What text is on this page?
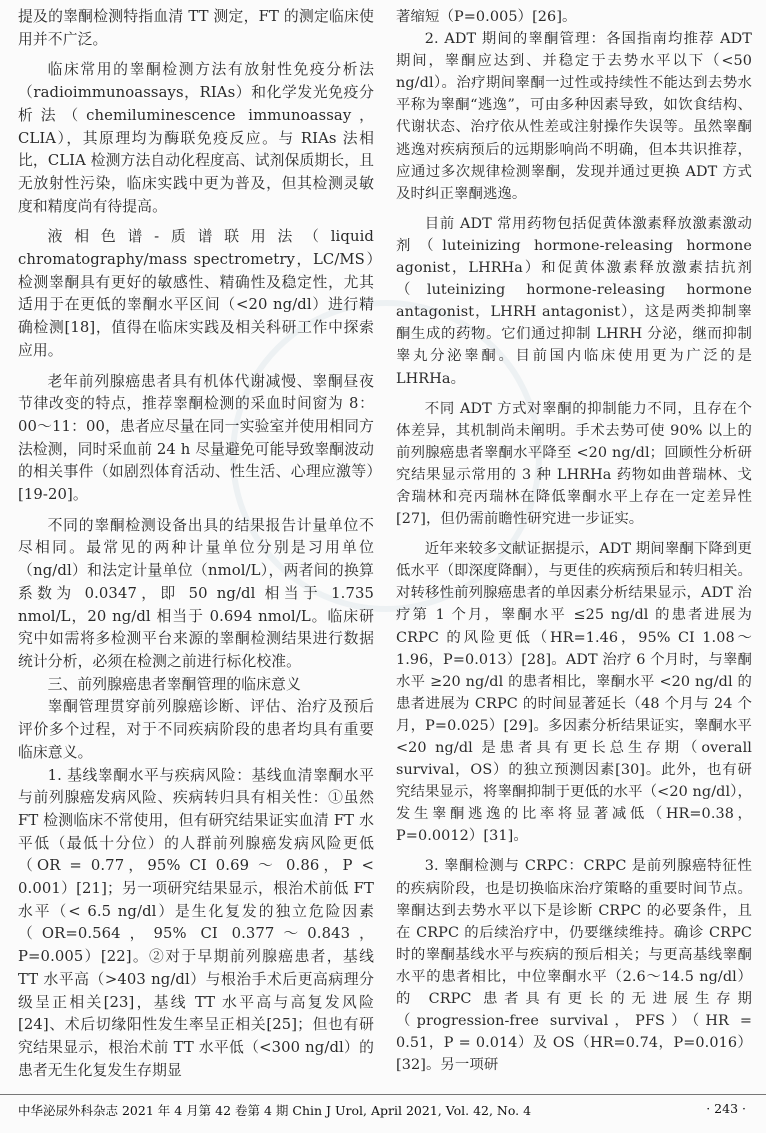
提及的睾酮检测特指血清 TT 测定，FT 的测定临床使用并不广泛。

临床常用的睾酮检测方法有放射性免疫分析法（radioimmunoassays，RIAs）和化学发光免疫分析法（chemiluminescence immunoassay，CLIA），其原理均为酶联免疫反应。与 RIAs 法相比，CLIA 检测方法自动化程度高、试剂保质期长，且无放射性污染，临床实践中更为普及，但其检测灵敏度和精度尚有待提高。

液相色谱-质谱联用法（liquid chromatography/mass spectrometry，LC/MS）检测睾酮具有更好的敏感性、精确性及稳定性，尤其适用于在更低的睾酮水平区间（<20 ng/dl）进行精确检测[18]，值得在临床实践及相关科研工作中探索应用。

老年前列腺癌患者具有机体代谢减慢、睾酮昼夜节律改变的特点，推荐睾酮检测的采血时间窗为 8：00～11：00，患者应尽量在同一实验室并使用相同方法检测，同时采血前 24 h 尽量避免可能导致睾酮波动的相关事件（如剧烈体育活动、性生活、心理应激等）[19-20]。

不同的睾酮检测设备出具的结果报告计量单位不尽相同。最常见的两种计量单位分别是习用单位（ng/dl）和法定计量单位（nmol/L），两者间的换算系数为 0.0347，即 50 ng/dl 相当于 1.735 nmol/L，20 ng/dl 相当于 0.694 nmol/L。临床研究中如需将多检测平台来源的睾酮检测结果进行数据统计分析，必须在检测之前进行标化校准。

三、前列腺癌患者睾酮管理的临床意义

睾酮管理贯穿前列腺癌诊断、评估、治疗及预后评价多个过程，对于不同疾病阶段的患者均具有重要临床意义。

1. 基线睾酮水平与疾病风险：基线血清睾酮水平与前列腺癌发病风险、疾病转归具有相关性：①虽然 FT 检测临床不常使用，但有研究结果证实血清 FT 水平低（最低十分位）的人群前列腺癌发病风险更低（OR = 0.77，95% CI 0.69 ～ 0.86，P < 0.001）[21]；另一项研究结果显示，根治术前低 FT 水平（< 6.5 ng/dl）是生化复发的独立危险因素（OR=0.564，95% CI 0.377～0.843，P=0.005）[22]。②对于早期前列腺癌患者，基线 TT 水平高（>403 ng/dl）与根治手术后更高病理分级呈正相关[23]，基线 TT 水平高与高复发风险[24]、术后切缘阳性发生率呈正相关[25]；但也有研究结果显示，根治术前 TT 水平低（<300 ng/dl）的患者无生化复发生存期显

著缩短（P=0.005）[26]。

2. ADT 期间的睾酮管理：各国指南均推荐 ADT 期间，睾酮应达到、并稳定于去势水平以下（<50 ng/dl）。治疗期间睾酮一过性或持续性不能达到去势水平称为睾酮“逃逸”，可由多种因素导致，如饮食结构、代谢状态、治疗依从性差或注射操作失误等。虽然睾酮逃逸对疾病预后的远期影响尚不明确，但本共识推荐，应通过多次规律检测睾酮，发现并通过更换 ADT 方式及时纠正睾酮逃逸。

目前 ADT 常用药物包括促黄体激素释放激素激动剂（luteinizing hormone-releasing hormone agonist，LHRHa）和促黄体激素释放激素拮抗剂（luteinizing hormone-releasing hormone antagonist，LHRH antagonist），这是两类抑制睾酮生成的药物。它们通过抑制 LHRH 分泌，继而抑制睾丸分泌睾酮。目前国内临床使用更为广泛的是 LHRHa。

不同 ADT 方式对睾酮的抑制能力不同，且存在个体差异，其机制尚未阐明。手术去势可使 90% 以上的前列腺癌患者睾酮水平降至 <20 ng/dl；回顾性分析研究结果显示常用的 3 种 LHRHa 药物如曲普瑞林、戈舍瑞林和亮丙瑞林在降低睾酮水平上存在一定差异性[27]，但仍需前瞻性研究进一步证实。

近年来较多文献证据提示，ADT 期间睾酮下降到更低水平（即深度降酮），与更佳的疾病预后和转归相关。对转移性前列腺癌患者的单因素分析结果显示，ADT 治疗第 1 个月，睾酮水平 ≤25 ng/dl 的患者进展为 CRPC 的风险更低（HR=1.46，95% CI 1.08～1.96，P=0.013）[28]。ADT 治疗 6 个月时，与睾酮水平 ≥20 ng/dl 的患者相比，睾酮水平 <20 ng/dl 的患者进展为 CRPC 的时间显著延长（48 个月与 24 个月，P=0.025）[29]。多因素分析结果证实，睾酮水平 <20 ng/dl 是患者具有更长总生存期（overall survival，OS）的独立预测因素[30]。此外，也有研究结果显示，将睾酮抑制于更低的水平（<20 ng/dl），发生睾酮逃逸的比率将显著减低（HR=0.38，P=0.0012）[31]。

3. 睾酮检测与 CRPC：CRPC 是前列腺癌特征性的疾病阶段，也是切换临床治疗策略的重要时间节点。睾酮达到去势水平以下是诊断 CRPC 的必要条件，且在 CRPC 的后续治疗中，仍要继续维持。确诊 CRPC 时的睾酮基线水平与疾病的预后相关；与更高基线睾酮水平的患者相比，中位睾酮水平（2.6～14.5 ng/dl）的 CRPC 患者具有更长的无进展生存期（progression-free survival，PFS）（HR = 0.51，P = 0.014）及 OS（HR=0.74，P=0.016）[32]。另一项研

中华泌尿外科杂志 2021 年 4 月第 42 卷第 4 期 Chin J Urol, April 2021, Vol. 42, No. 4	· 243 ·
